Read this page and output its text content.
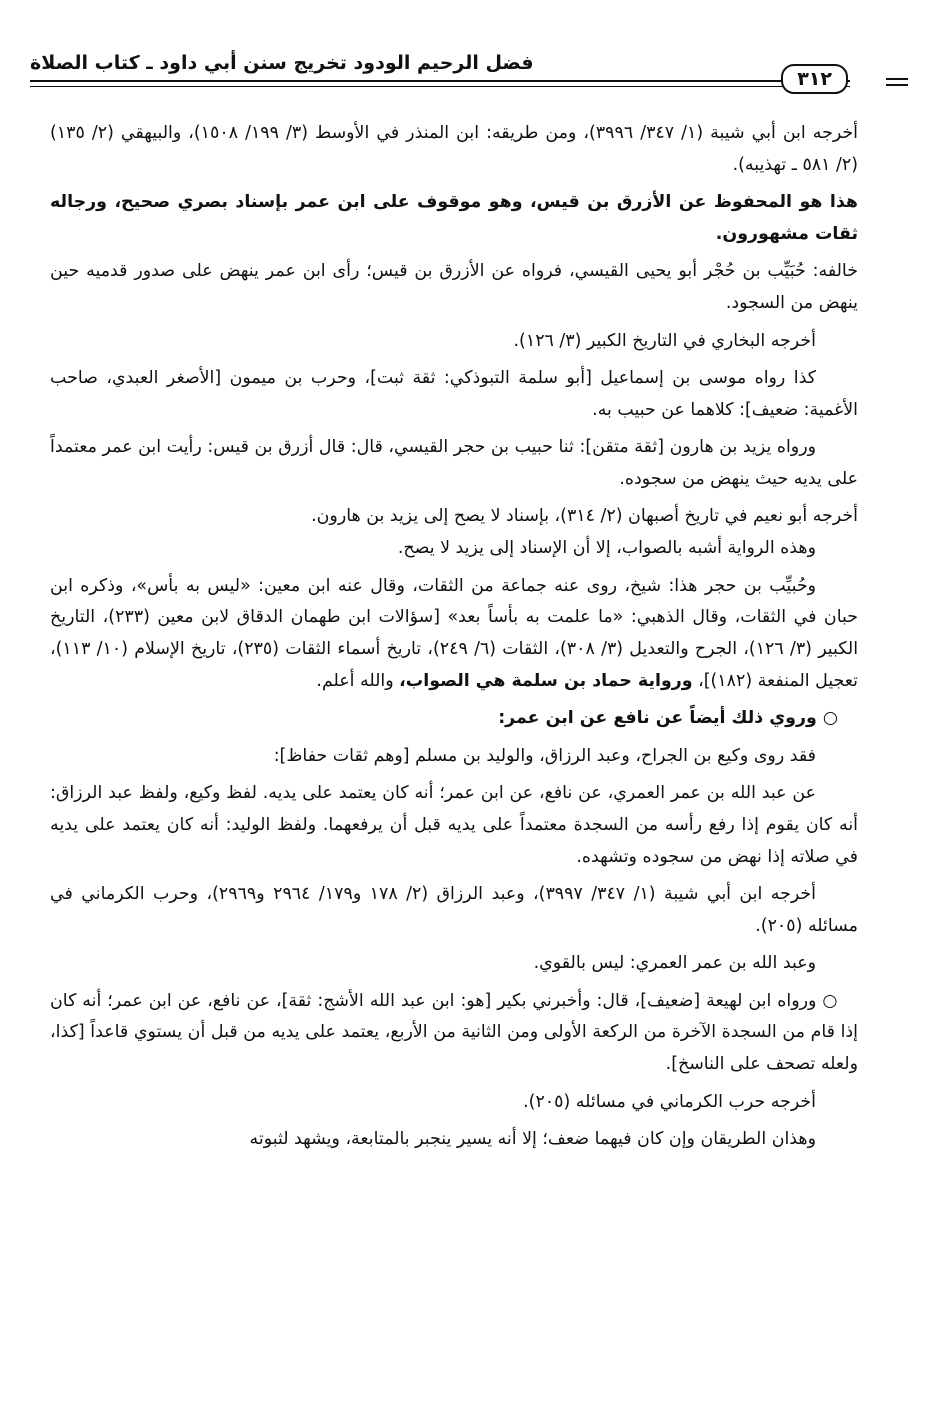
فضل الرحيم الودود تخريج سنن أبي داود ـ كتاب الصلاة
٣١٢

أخرجه ابن أبي شيبة (١/ ٣٤٧/ ٣٩٩٦)، ومن طريقه: ابن المنذر في الأوسط (٣/ ١٩٩/ ١٥٠٨)، والبيهقي (٢/ ١٣٥) (٢/ ٥٨١ ـ تهذيبه).

هذا هو المحفوظ عن الأزرق بن قيس، وهو موقوف على ابن عمر بإسناد بصري صحيح، ورجاله ثقات مشهورون.

خالفه: حُبَيِّب بن حُجْر أبو يحيى القيسي، فرواه عن الأزرق بن قيس؛ رأى ابن عمر ينهض على صدور قدميه حين ينهض من السجود.

أخرجه البخاري في التاريخ الكبير (٣/ ١٢٦).

كذا رواه موسى بن إسماعيل [أبو سلمة التبوذكي: ثقة ثبت]، وحرب بن ميمون [الأصغر العبدي، صاحب الأغمية: ضعيف]: كلاهما عن حبيب به.

ورواه يزيد بن هارون [ثقة متقن]: ثنا حبيب بن حجر القيسي، قال: قال أزرق بن قيس: رأيت ابن عمر معتمداً على يديه حيث ينهض من سجوده.

أخرجه أبو نعيم في تاريخ أصبهان (٢/ ٣١٤)، بإسناد لا يصح إلى يزيد بن هارون.

وهذه الرواية أشبه بالصواب، إلا أن الإسناد إلى يزيد لا يصح.

وحُبيِّب بن حجر هذا: شيخ، روى عنه جماعة من الثقات، وقال عنه ابن معين: «ليس به بأس»، وذكره ابن حبان في الثقات، وقال الذهبي: «ما علمت به بأساً بعد» [سؤالات ابن طهمان الدقاق لابن معين (٢٣٣)، التاريخ الكبير (٣/ ١٢٦)، الجرح والتعديل (٣/ ٣٠٨)، الثقات (٦/ ٢٤٩)، تاريخ أسماء الثقات (٢٣٥)، تاريخ الإسلام (١٠/ ١١٣)، تعجيل المنفعة (١٨٢)]، ورواية حماد بن سلمة هي الصواب، والله أعلم.

○وروي ذلك أيضاً عن نافع عن ابن عمر:

فقد روى وكيع بن الجراح، وعبد الرزاق، والوليد بن مسلم [وهم ثقات حفاظ]:

عن عبد الله بن عمر العمري، عن نافع، عن ابن عمر؛ أنه كان يعتمد على يديه. لفظ وكيع، ولفظ عبد الرزاق: أنه كان يقوم إذا رفع رأسه من السجدة معتمداً على يديه قبل أن يرفعهما. ولفظ الوليد: أنه كان يعتمد على يديه في صلاته إذا نهض من سجوده وتشهده.

أخرجه ابن أبي شيبة (١/ ٣٤٧/ ٣٩٩٧)، وعبد الرزاق (٢/ ١٧٨ و١٧٩/ ٢٩٦٤ و٢٩٦٩)، وحرب الكرماني في مسائله (٢٠٥).

وعبد الله بن عمر العمري: ليس بالقوي.

○ورواه ابن لهيعة [ضعيف]، قال: وأخبرني بكير [هو: ابن عبد الله الأشج: ثقة]، عن نافع، عن ابن عمر؛ أنه كان إذا قام من السجدة الآخرة من الركعة الأولى ومن الثانية من الأربع، يعتمد على يديه من قبل أن يستوي قاعداً [كذا، ولعله تصحف على الناسخ].

أخرجه حرب الكرماني في مسائله (٢٠٥).

وهذان الطريقان وإن كان فيهما ضعف؛ إلا أنه يسير ينجبر بالمتابعة، ويشهد لثبوته
